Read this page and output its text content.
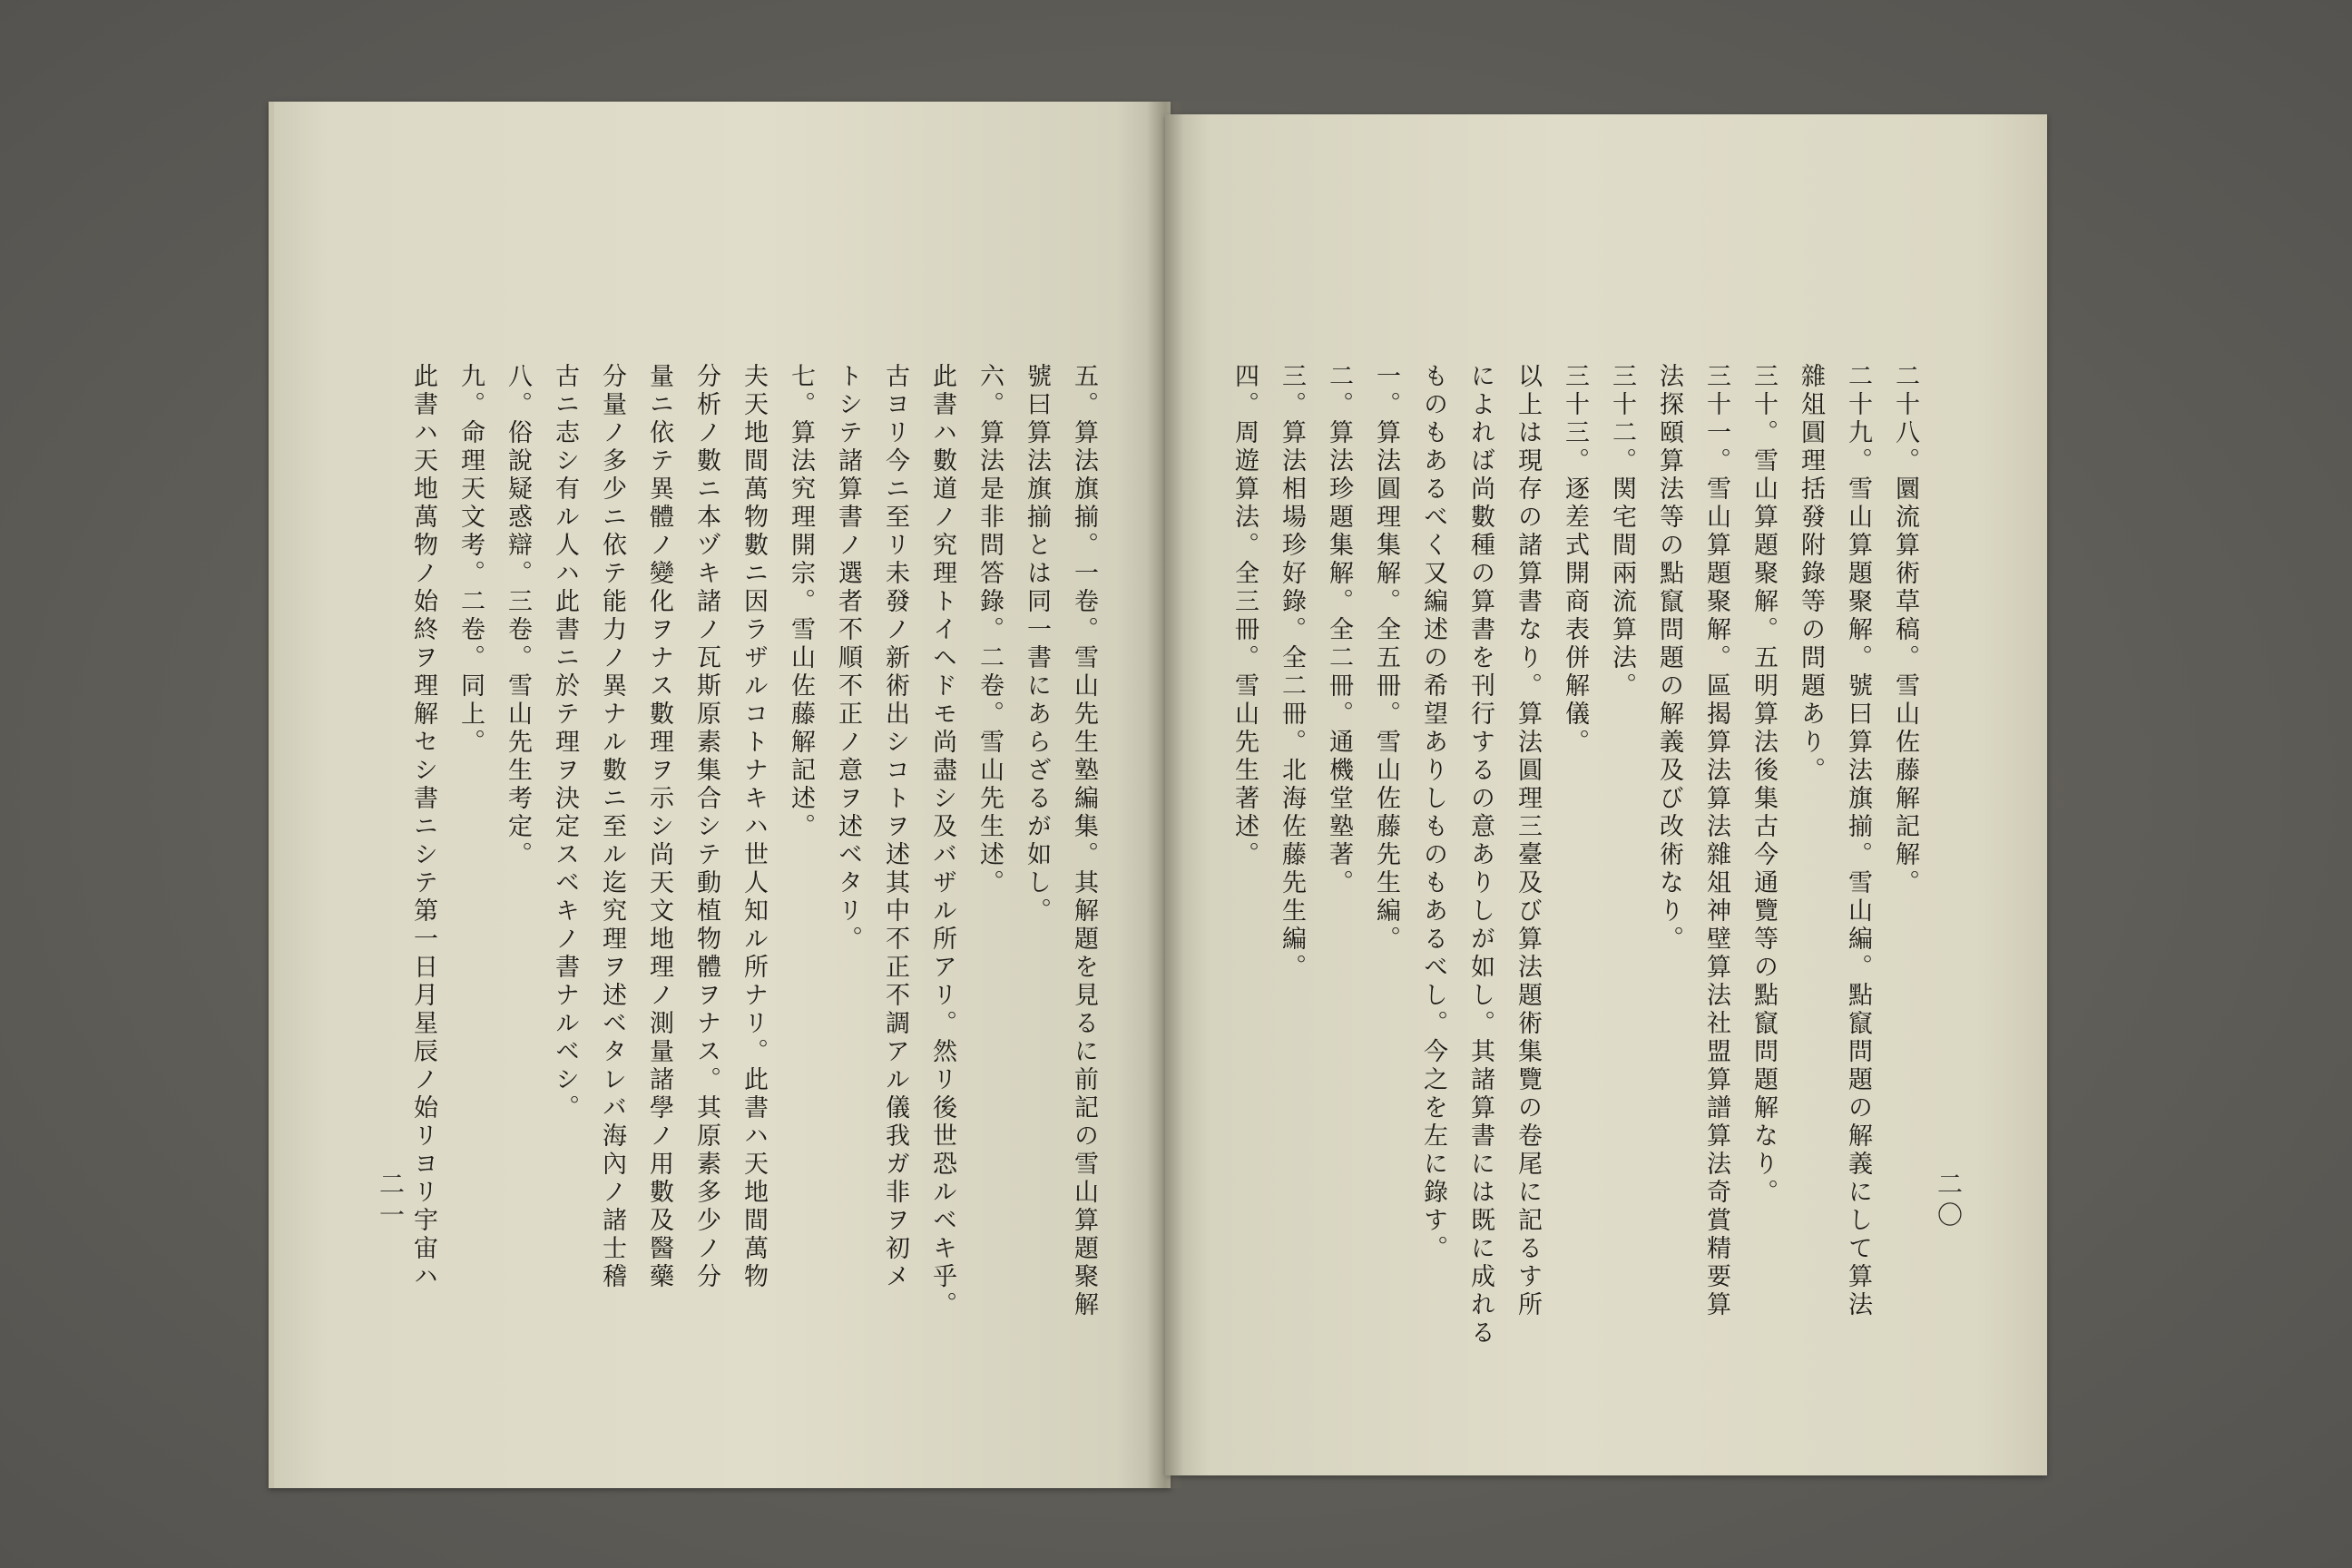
二十八。圜流算術草稿。雪山佐藤解記解。
二十九。雪山算題聚解。號曰算法旗揃。雪山編。點竄問題の解義にして算法
雜俎圓理括發附錄等の問題あり。
三十。雪山算題聚解。五明算法後集古今通覽等の點竄問題解なり。
三十一。雪山算題聚解。區揭算法算法雜俎神壁算法社盟算譜算法奇賞精要算
法探頤算法等の點竄問題の解義及び改術なり。
三十二。関宅間兩流算法。
三十三。逐差式開商表併解儀。
以上は現存の諸算書なり。算法圓理三臺及び算法題術集覽の卷尾に記るす所
によれば尚數種の算書を刊行するの意ありしが如し。其諸算書には既に成れる
ものもあるべく又編述の希望ありしものもあるべし。今之を左に錄す。
一。算法圓理集解。全五冊。雪山佐藤先生編。
二。算法珍題集解。全二冊。通機堂塾著。
三。算法相場珍好錄。全二冊。北海佐藤先生編。
四。周遊算法。全三冊。雪山先生著述。
五。算法旗揃。一卷。雪山先生塾編集。其解題を見るに前記の雪山算題聚解
號曰算法旗揃とは同一書にあらざるが如し。
六。算法是非問答錄。二卷。雪山先生述。
此書ハ數道ノ究理トイヘドモ尚盡シ及バザル所アリ。然リ後世恐ルベキ乎。
古ヨリ今ニ至リ未發ノ新術出シコトヲ述其中不正不調アル儀我ガ非ヲ初メ
トシテ諸算書ノ選者不順不正ノ意ヲ述ベタリ。
七。算法究理開宗。雪山佐藤解記述。
夫天地間萬物數ニ因ラザルコトナキハ世人知ル所ナリ。此書ハ天地間萬物
分析ノ數ニ本ヅキ諸ノ瓦斯原素集合シテ動植物體ヲナス。其原素多少ノ分
量ニ依テ異體ノ變化ヲナス數理ヲ示シ尚天文地理ノ測量諸學ノ用數及醫藥
分量ノ多少ニ依テ能力ノ異ナル數ニ至ル迄究理ヲ述ベタレバ海內ノ諸士稽
古ニ志シ有ル人ハ此書ニ於テ理ヲ決定スベキノ書ナルベシ。
八。俗說疑惑辯。三卷。雪山先生考定。
九。命理天文考。二卷。同上。
此書ハ天地萬物ノ始終ヲ理解セシ書ニシテ第一日月星辰ノ始リヨリ宇宙ハ	二〇
二一
